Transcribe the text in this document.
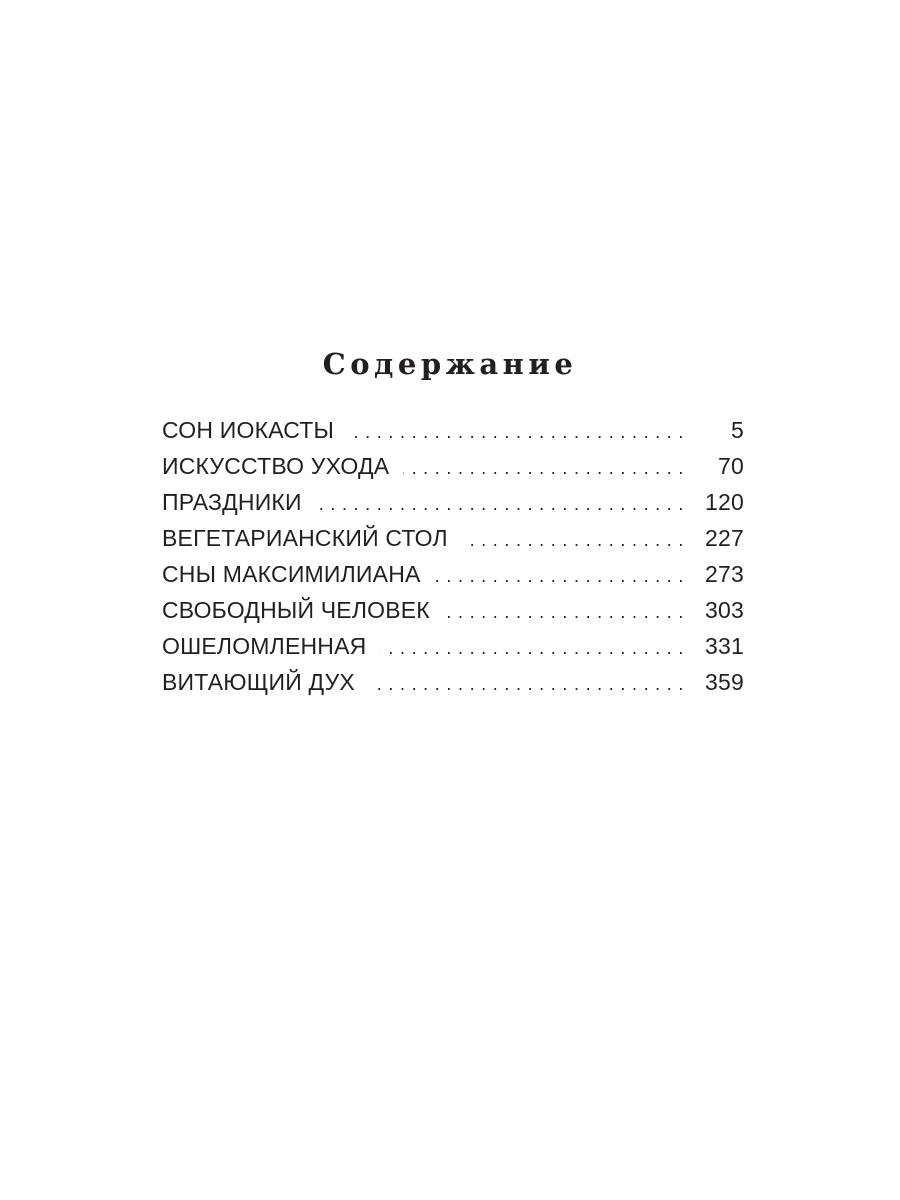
Содержание
СОН ИОКАСТЫ .....	5
ИСКУССТВО УХОДА .....	70
ПРАЗДНИКИ .....	120
ВЕГЕТАРИАНСКИЙ СТОЛ .....	227
СНЫ МАКСИМИЛИАНА .....	273
СВОБОДНЫЙ ЧЕЛОВЕК .....	303
ОШЕЛОМЛЕННАЯ .....	331
ВИТАЮЩИЙ ДУХ .....	359
